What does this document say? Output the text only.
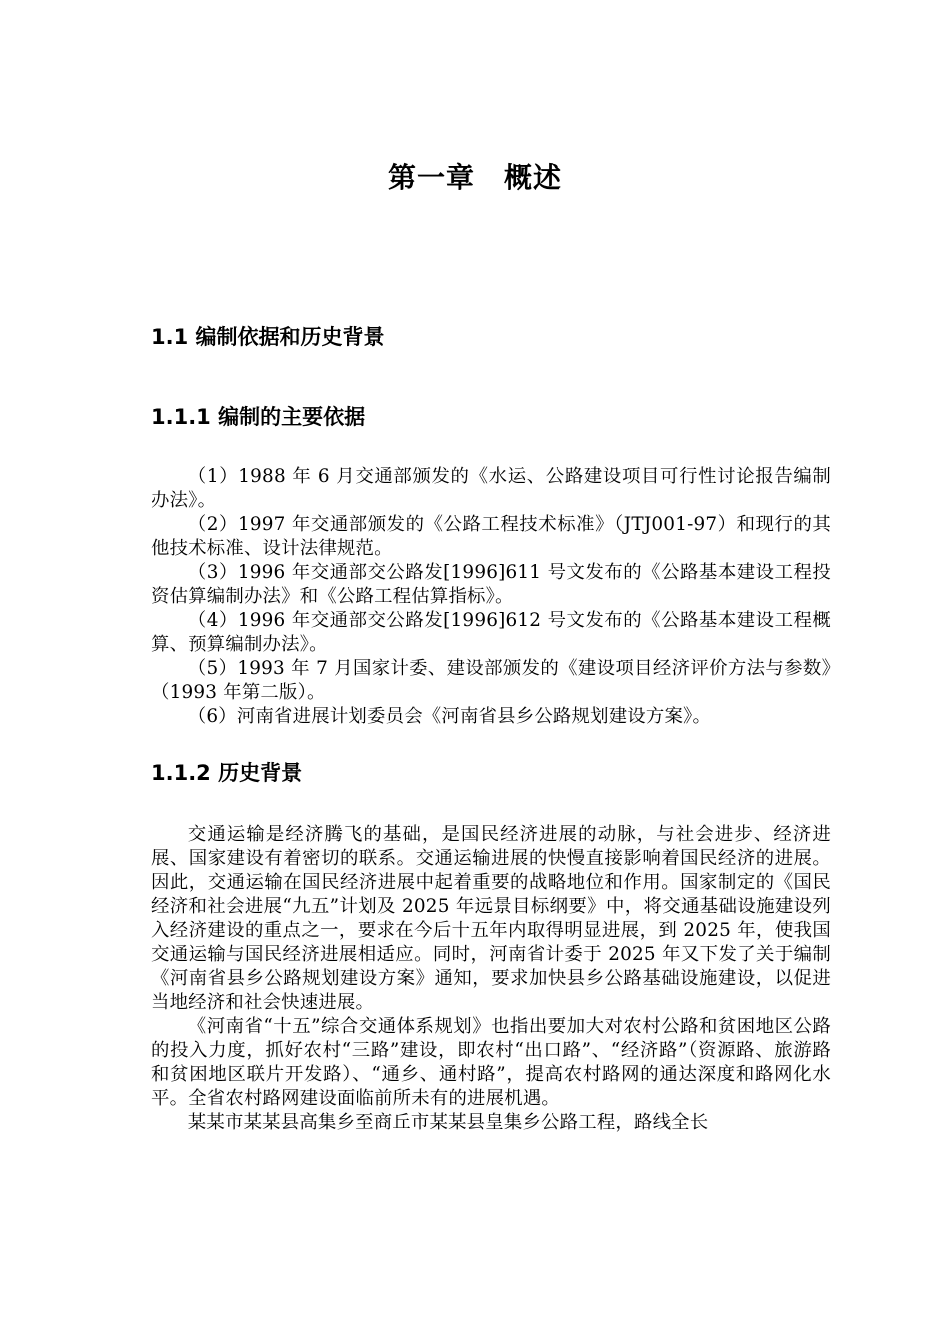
第一章　概述
1.1 编制依据和历史背景
1.1.1 编制的主要依据

（1）1988 年 6 月交通部颁发的《水运、公路建设项目可行性讨论报告编制办法》。

（2）1997 年交通部颁发的《公路工程技术标准》（JTJ001-97）和现行的其他技术标准、设计法律规范。

（3）1996 年交通部交公路发[1996]611 号文发布的《公路基本建设工程投资估算编制办法》和《公路工程估算指标》。

（4）1996 年交通部交公路发[1996]612 号文发布的《公路基本建设工程概算、预算编制办法》。

（5）1993 年 7 月国家计委、建设部颁发的《建设项目经济评价方法与参数》（1993 年第二版）。

（6）河南省进展计划委员会《河南省县乡公路规划建设方案》。

1.1.2 历史背景

交通运输是经济腾飞的基础，是国民经济进展的动脉，与社会进步、经济进展、国家建设有着密切的联系。交通运输进展的快慢直接影响着国民经济的进展。因此，交通运输在国民经济进展中起着重要的战略地位和作用。国家制定的《国民经济和社会进展“九五”计划及 2025 年远景目标纲要》中，将交通基础设施建设列入经济建设的重点之一，要求在今后十五年内取得明显进展，到 2025 年，使我国交通运输与国民经济进展相适应。同时，河南省计委于 2025 年又下发了关于编制《河南省县乡公路规划建设方案》通知，要求加快县乡公路基础设施建设，以促进当地经济和社会快速进展。

《河南省“十五”综合交通体系规划》也指出要加大对农村公路和贫困地区公路的投入力度，抓好农村“三路”建设，即农村“出口路”、“经济路”（资源路、旅游路和贫困地区联片开发路）、“通乡、通村路”，提高农村路网的通达深度和路网化水平。全省农村路网建设面临前所未有的进展机遇。

某某市某某县高集乡至商丘市某某县皇集乡公路工程，路线全长
